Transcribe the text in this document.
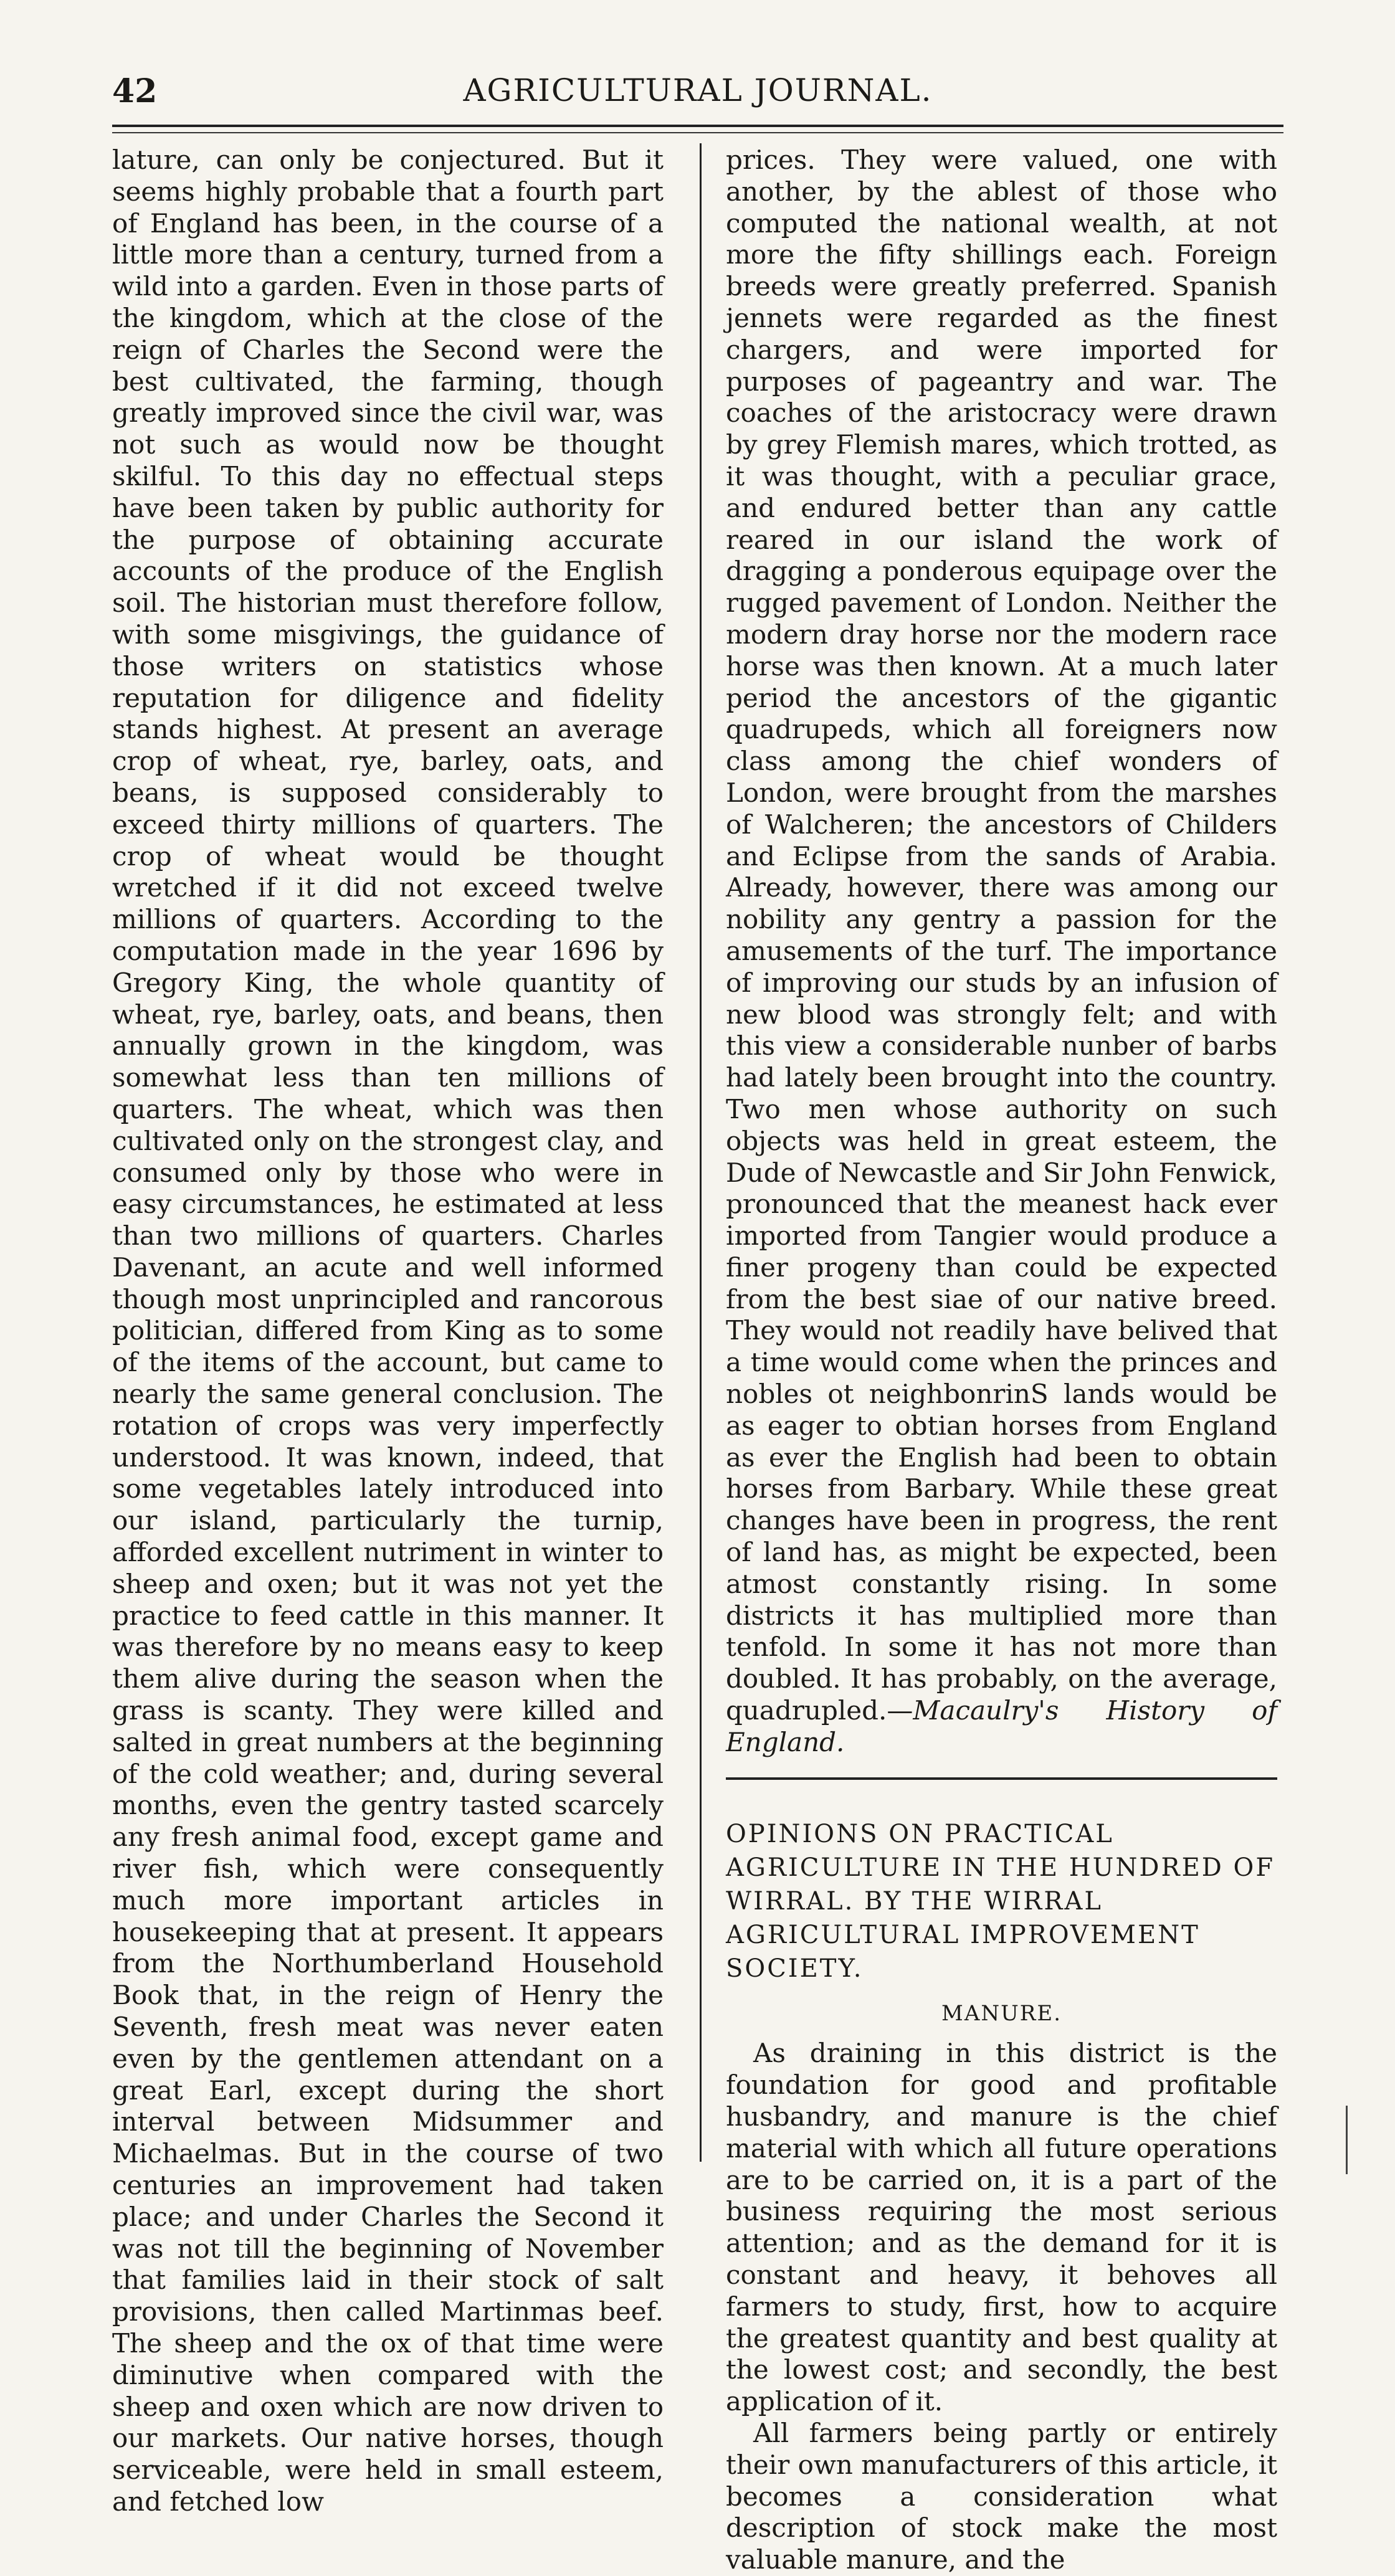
42	AGRICULTURAL JOURNAL.

lature, can only be conjectured. But it seems highly probable that a fourth part of England has been, in the course of a little more than a century, turned from a wild into a garden. Even in those parts of the kingdom, which at the close of the reign of Charles the Second were the best cultivated, the farming, though greatly improved since the civil war, was not such as would now be thought skilful. To this day no effectual steps have been taken by public authority for the purpose of obtaining accurate accounts of the produce of the English soil. The historian must therefore follow, with some misgivings, the guidance of those writers on statistics whose reputation for diligence and fidelity stands highest. At present an average crop of wheat, rye, barley, oats, and beans, is supposed considerably to exceed thirty millions of quarters. The crop of wheat would be thought wretched if it did not exceed twelve millions of quarters. According to the computation made in the year 1696 by Gregory King, the whole quantity of wheat, rye, barley, oats, and beans, then annually grown in the kingdom, was somewhat less than ten millions of quarters. The wheat, which was then cultivated only on the strongest clay, and consumed only by those who were in easy circumstances, he estimated at less than two millions of quarters. Charles Davenant, an acute and well informed though most unprincipled and rancorous politician, differed from King as to some of the items of the account, but came to nearly the same general conclusion. The rotation of crops was very imperfectly understood. It was known, indeed, that some vegetables lately introduced into our island, particularly the turnip, afforded excellent nutriment in winter to sheep and oxen; but it was not yet the practice to feed cattle in this manner. It was therefore by no means easy to keep them alive during the season when the grass is scanty. They were killed and salted in great numbers at the beginning of the cold weather; and, during several months, even the gentry tasted scarcely any fresh animal food, except game and river fish, which were consequently much more important articles in housekeeping that at present. It appears from the Northumberland Household Book that, in the reign of Henry the Seventh, fresh meat was never eaten even by the gentlemen attendant on a great Earl, except during the short interval between Midsummer and Michaelmas. But in the course of two centuries an improvement had taken place; and under Charles the Second it was not till the beginning of November that families laid in their stock of salt provisions, then called Martinmas beef. The sheep and the ox of that time were diminutive when compared with the sheep and oxen which are now driven to our markets. Our native horses, though serviceable, were held in small esteem, and fetched low

prices. They were valued, one with another, by the ablest of those who computed the national wealth, at not more the fifty shillings each. Foreign breeds were greatly preferred. Spanish jennets were regarded as the finest chargers, and were imported for purposes of pageantry and war. The coaches of the aristocracy were drawn by grey Flemish mares, which trotted, as it was thought, with a peculiar grace, and endured better than any cattle reared in our island the work of dragging a ponderous equipage over the rugged pavement of London. Neither the modern dray horse nor the modern race horse was then known. At a much later period the ancestors of the gigantic quadrupeds, which all foreigners now class among the chief wonders of London, were brought from the marshes of Walcheren; the ancestors of Childers and Eclipse from the sands of Arabia. Already, however, there was among our nobility any gentry a passion for the amusements of the turf. The importance of improving our studs by an infusion of new blood was strongly felt; and with this view a considerable nunber of barbs had lately been brought into the country. Two men whose authority on such objects was held in great esteem, the Dude of Newcastle and Sir John Fenwick, pronounced that the meanest hack ever imported from Tangier would produce a finer progeny than could be expected from the best siae of our native breed. They would not readily have belived that a time would come when the princes and nobles ot neighbonrinS lands would be as eager to obtian horses from England as ever the English had been to obtain horses from Barbary. While these great changes have been in progress, the rent of land has, as might be expected, been atmost constantly rising. In some districts it has multiplied more than tenfold. In some it has not more than doubled. It has probably, on the average, quadrupled.—Macaulry's History of England.

OPINIONS ON PRACTICAL AGRICULTURE IN THE HUNDRED OF WIRRAL. BY THE WIRRAL AGRICULTURAL IMPROVEMENT SOCIETY.
MANURE.

As draining in this district is the foundation for good and profitable husbandry, and manure is the chief material with which all future operations are to be carried on, it is a part of the business requiring the most serious attention; and as the demand for it is constant and heavy, it behoves all farmers to study, first, how to acquire the greatest quantity and best quality at the lowest cost; and secondly, the best application of it.

All farmers being partly or entirely their own manufacturers of this article, it becomes a consideration what description of stock make the most valuable manure, and the
